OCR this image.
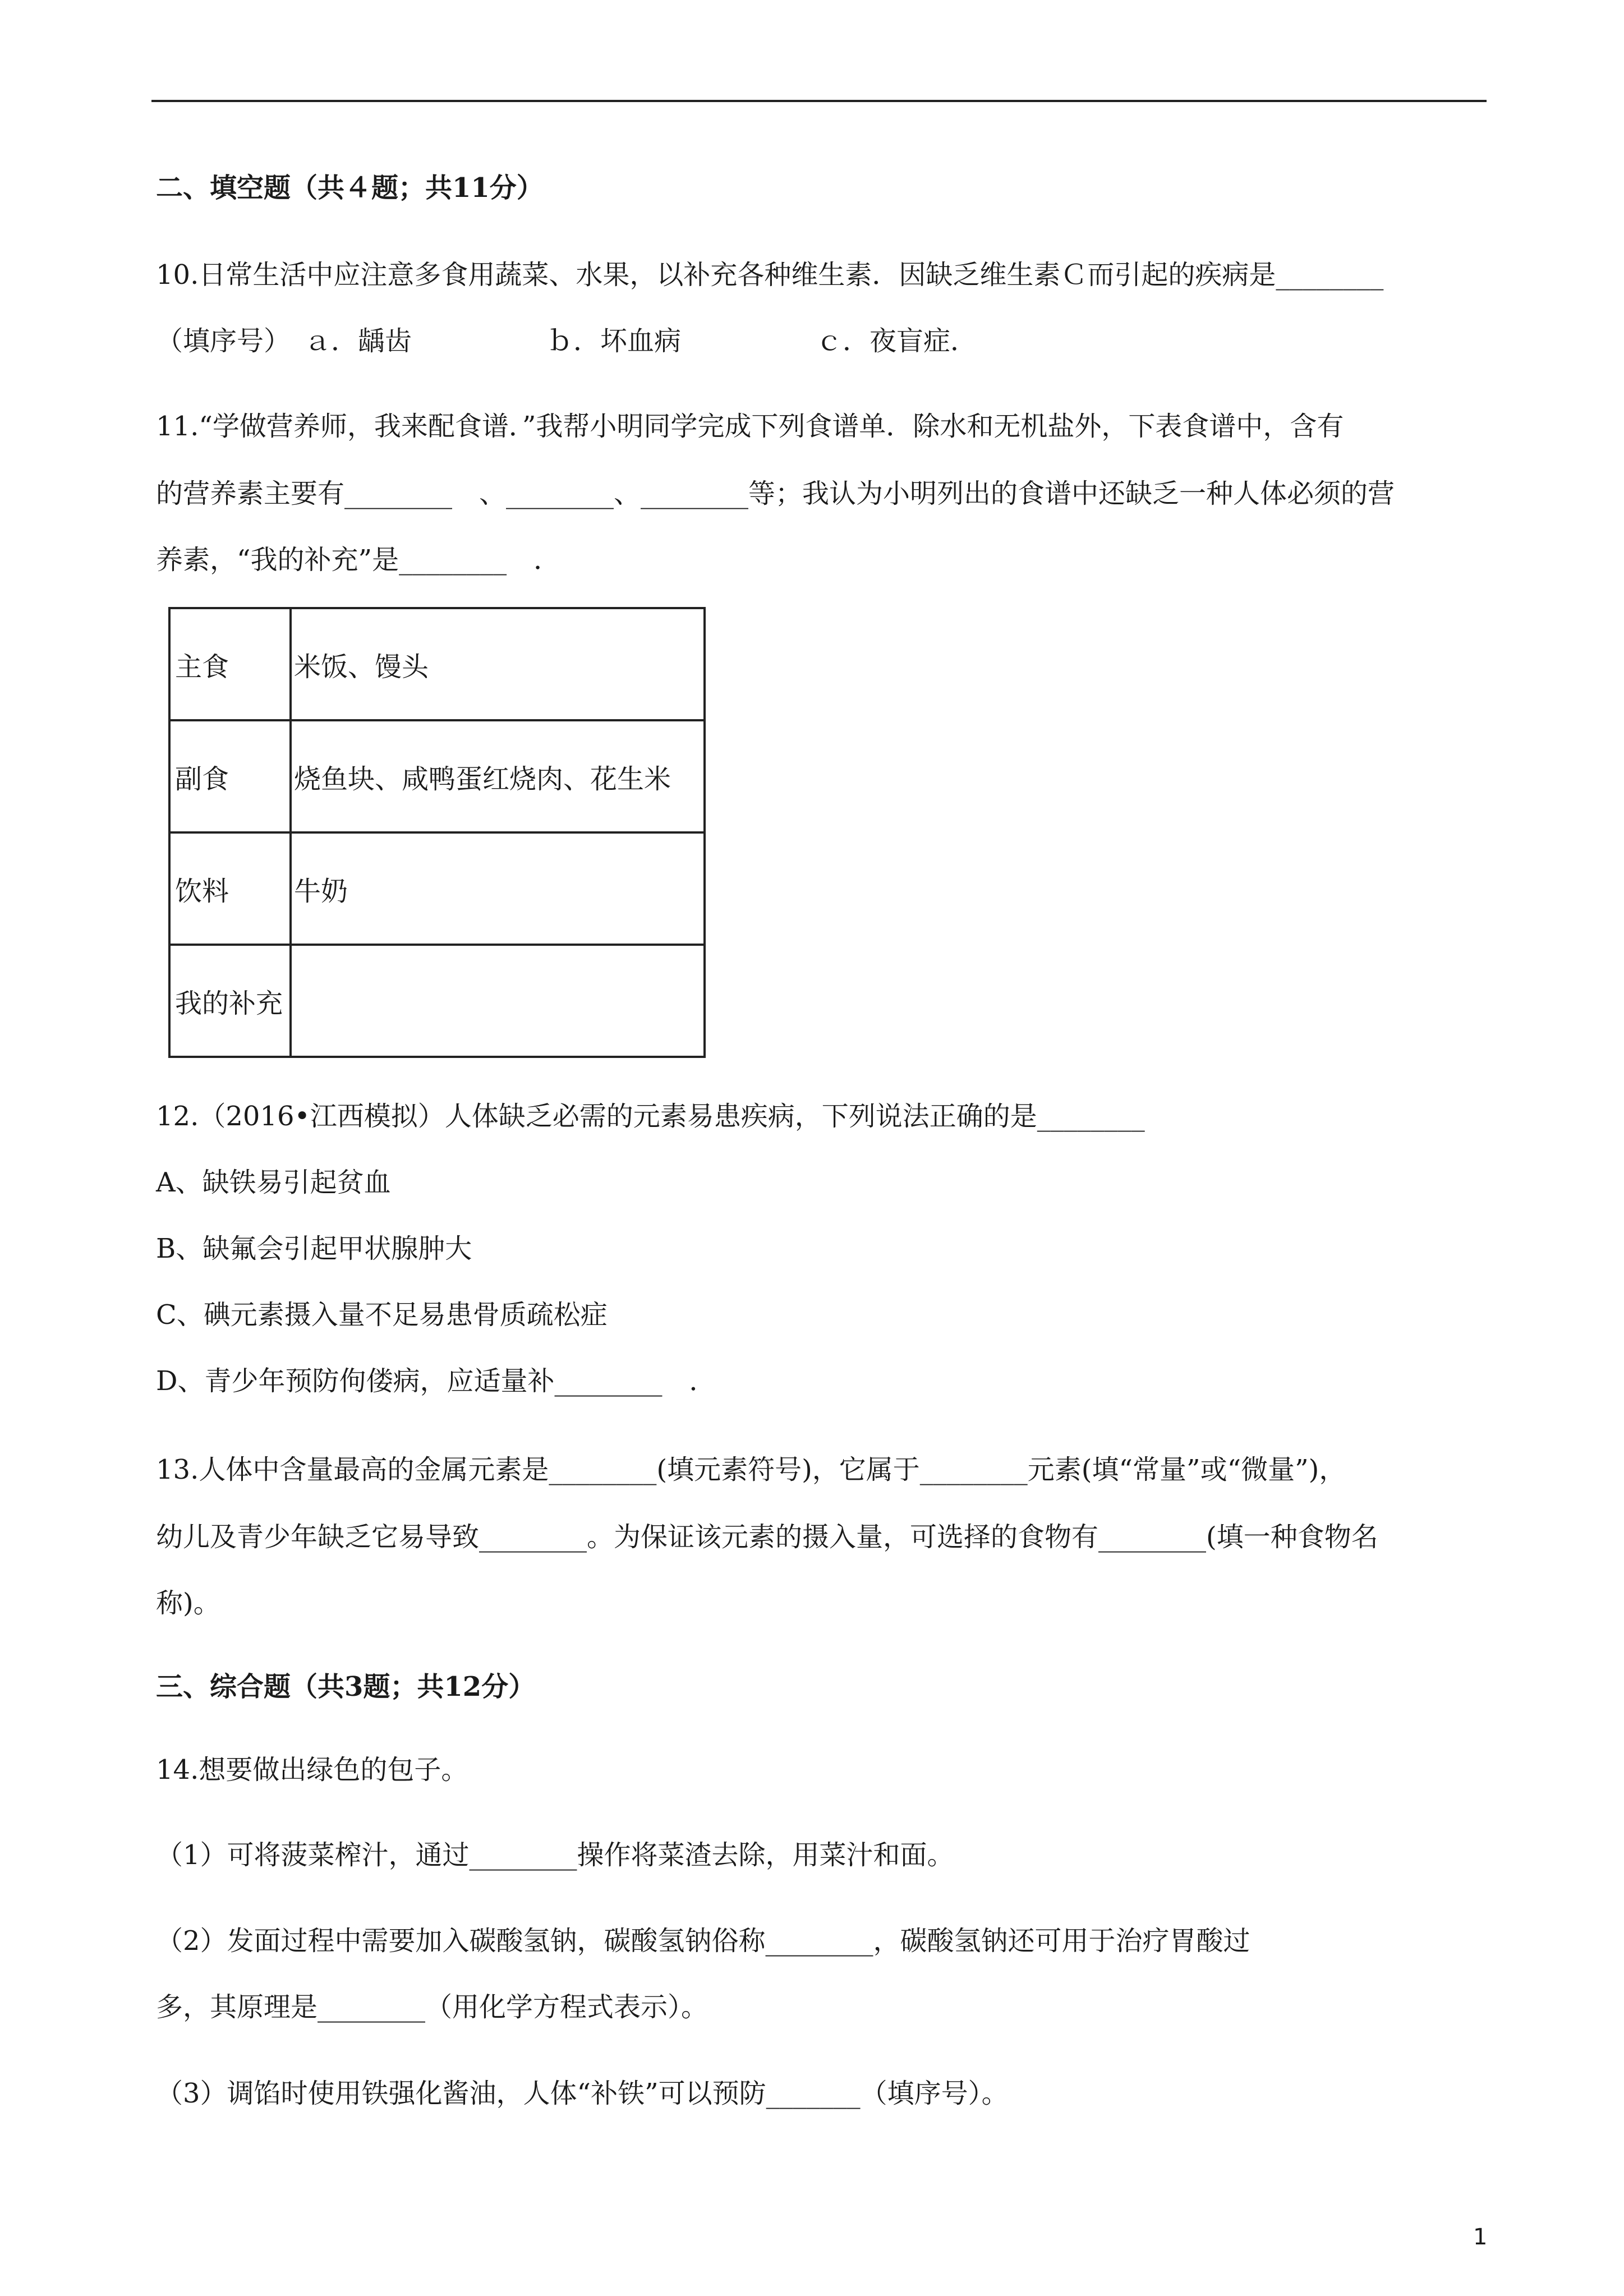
二、填空题（共４题；共11分）
10.日常生活中应注意多食用蔬菜、水果，以补充各种维生素．因缺乏维生素Ｃ而引起的疾病是________
（填序号）　ａ．龋齿　　　　　ｂ．坏血病　　　　　ｃ．夜盲症．
11.“学做营养师，我来配食谱．”我帮小明同学完成下列食谱单．除水和无机盐外，下表食谱中，含有
的营养素主要有________　、________、________等；我认为小明列出的食谱中还缺乏一种人体必须的营
养素，“我的补充”是________　．
主食	米饭、馒头
副食	烧鱼块、咸鸭蛋红烧肉、花生米
饮料	牛奶
我的补充	
12.（2016•江西模拟）人体缺乏必需的元素易患疾病，下列说法正确的是________
A、缺铁易引起贫血
B、缺氟会引起甲状腺肿大
C、碘元素摄入量不足易患骨质疏松症
D、青少年预防佝偻病，应适量补________　．
13.人体中含量最高的金属元素是________(填元素符号)，它属于________元素(填“常量”或“微量”)，
幼儿及青少年缺乏它易导致________。为保证该元素的摄入量，可选择的食物有________(填一种食物名
称)。
三、综合题（共3题；共12分）
14.想要做出绿色的包子。
（1）可将菠菜榨汁，通过________操作将菜渣去除，用菜汁和面。
（2）发面过程中需要加入碳酸氢钠，碳酸氢钠俗称________，碳酸氢钠还可用于治疗胃酸过
多，其原理是________（用化学方程式表示）。
（3）调馅时使用铁强化酱油，人体“补铁”可以预防_______（填序号）。
1
